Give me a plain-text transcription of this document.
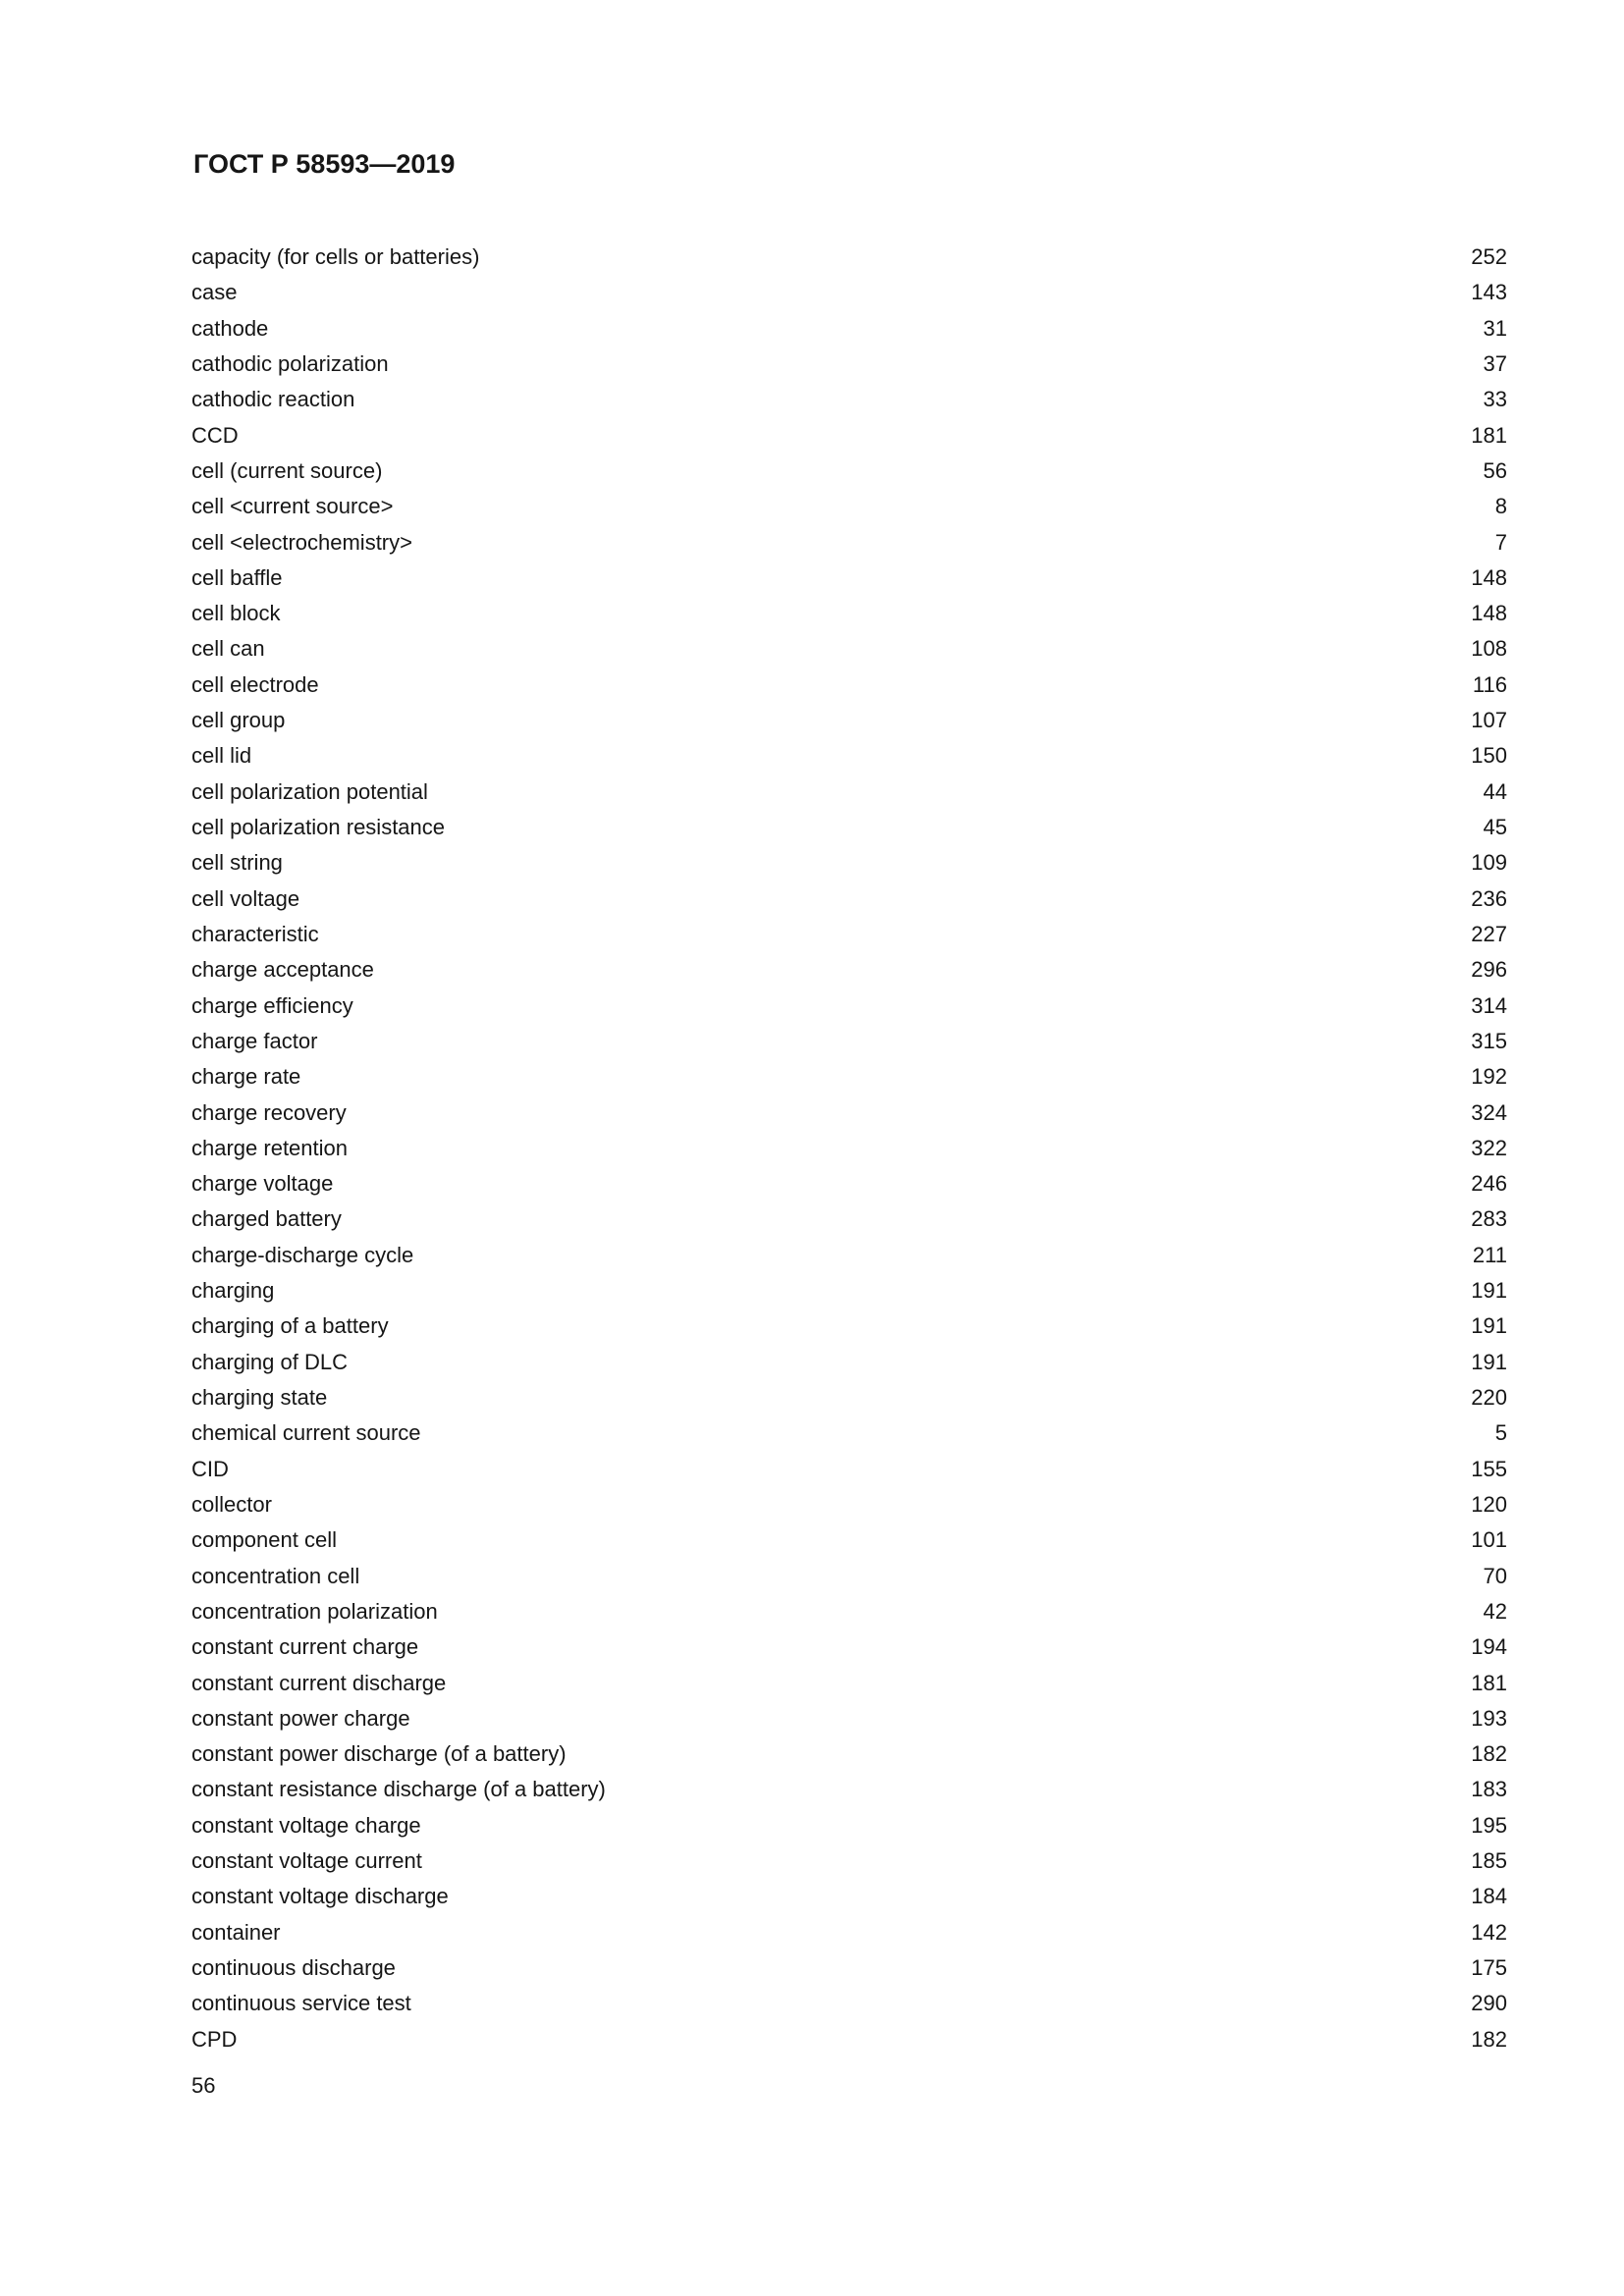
ГОСТ Р 58593—2019
capacity (for cells or batteries)	252
case	143
cathode	31
cathodic polarization	37
cathodic reaction	33
CCD	181
cell (current source)	56
cell <current source>	8
cell <electrochemistry>	7
cell baffle	148
cell block	148
cell can	108
cell electrode	116
cell group	107
cell lid	150
cell polarization potential	44
cell polarization resistance	45
cell string	109
cell voltage	236
characteristic	227
charge acceptance	296
charge efficiency	314
charge factor	315
charge rate	192
charge recovery	324
charge retention	322
charge voltage	246
charged battery	283
charge-discharge cycle	211
charging	191
charging of a battery	191
charging of DLC	191
charging state	220
chemical current source	5
CID	155
collector	120
component cell	101
concentration cell	70
concentration polarization	42
constant current charge	194
constant current discharge	181
constant power charge	193
constant power discharge (of a battery)	182
constant resistance discharge (of a battery)	183
constant voltage charge	195
constant voltage current	185
constant voltage discharge	184
container	142
continuous discharge	175
continuous service test	290
CPD	182
56
